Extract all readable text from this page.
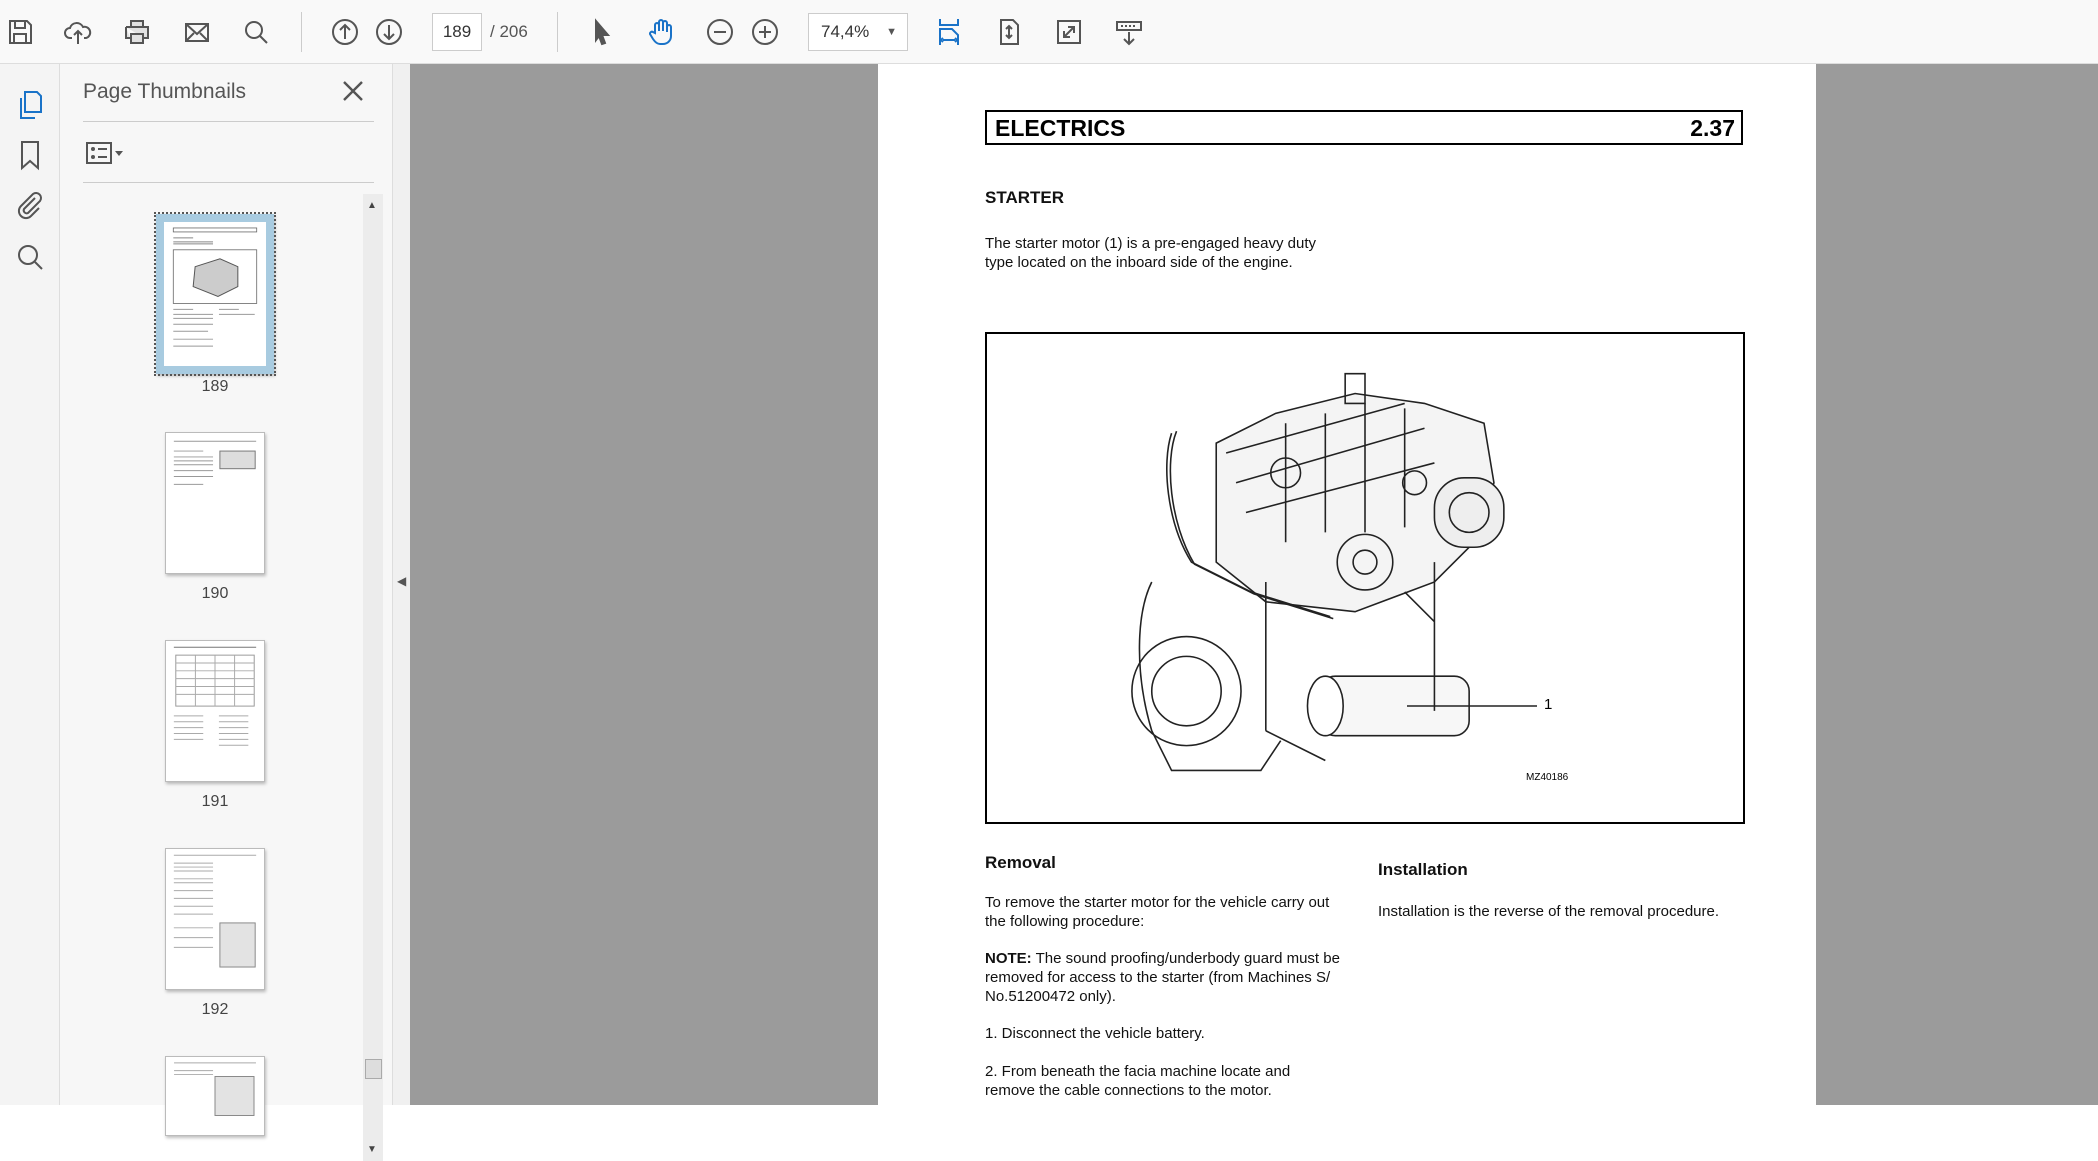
189	/ 206	74,4% ▼
Page Thumbnails
189
190
191
192
▲
▼
◀
ELECTRICS	2.37
STARTER
The starter motor (1) is a pre-engaged heavy duty
type located on the inboard side of the engine.
1
MZ40186
Removal
To remove the starter motor for the vehicle carry out
the following procedure:
NOTE: The sound proofing/underbody guard must be
removed for access to the starter (from Machines S/
No.51200472 only).
1. Disconnect the vehicle battery.
2. From beneath the facia machine locate and
remove the cable connections to the motor.
Installation
Installation is the reverse of the removal procedure.
